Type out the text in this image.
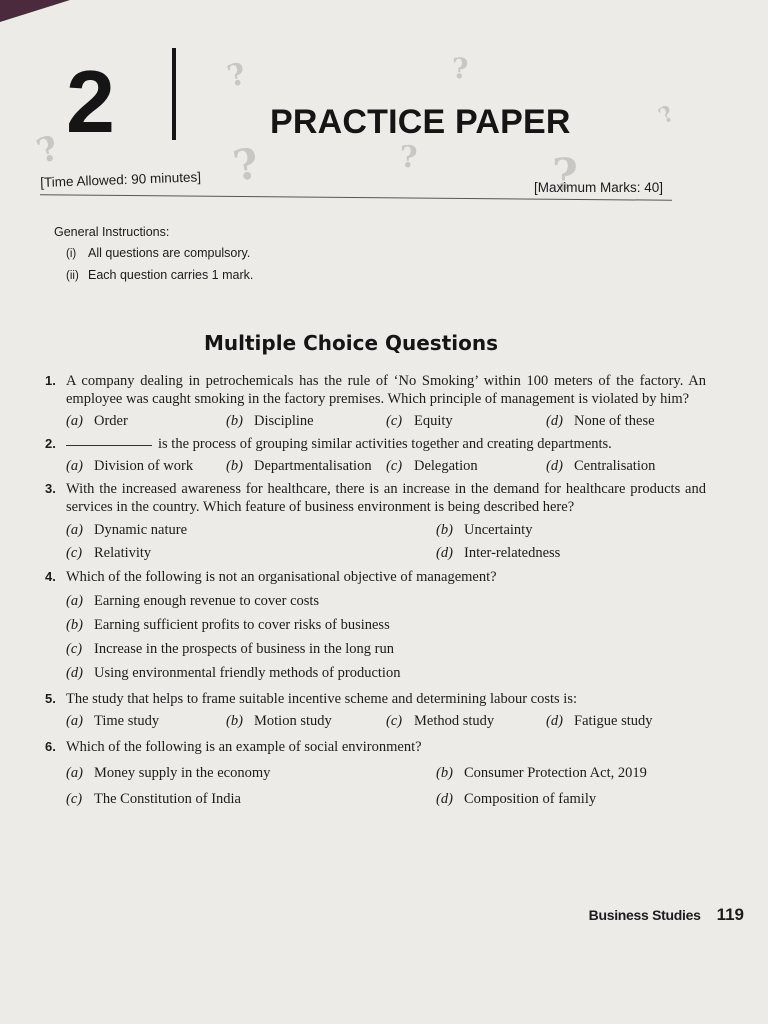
?	?
?	?	?	?
?
2	PRACTICE PAPER
[Time Allowed: 90 minutes]	[Maximum Marks: 40]
General Instructions:
(i) All questions are compulsory.
(ii) Each question carries 1 mark.
Multiple Choice Questions
1. A company dealing in petrochemicals has the rule of ‘No Smoking’ within 100 meters of the factory. An employee was caught smoking in the factory premises. Which principle of management is violated by him?
(a) Order	(b) Discipline	(c) Equity	(d) None of these
2.	is the process of grouping similar activities together and creating departments.
(a) Division of work	(b) Departmentalisation (c) Delegation	(d) Centralisation
3. With the increased awareness for healthcare, there is an increase in the demand for healthcare products and services in the country. Which feature of business environment is being described here?
(a) Dynamic nature	(b) Uncertainty
(c) Relativity	(d) Inter-relatedness
4. Which of the following is not an organisational objective of management?
(a) Earning enough revenue to cover costs
(b) Earning sufficient profits to cover risks of business
(c) Increase in the prospects of business in the long run
(d) Using environmental friendly methods of production
5. The study that helps to frame suitable incentive scheme and determining labour costs is:
(a) Time study	(b) Motion study	(c) Method study	(d) Fatigue study
6. Which of the following is an example of social environment?
(a) Money supply in the economy	(b) Consumer Protection Act, 2019
(c) The Constitution of India	(d) Composition of family
Business Studies 119
